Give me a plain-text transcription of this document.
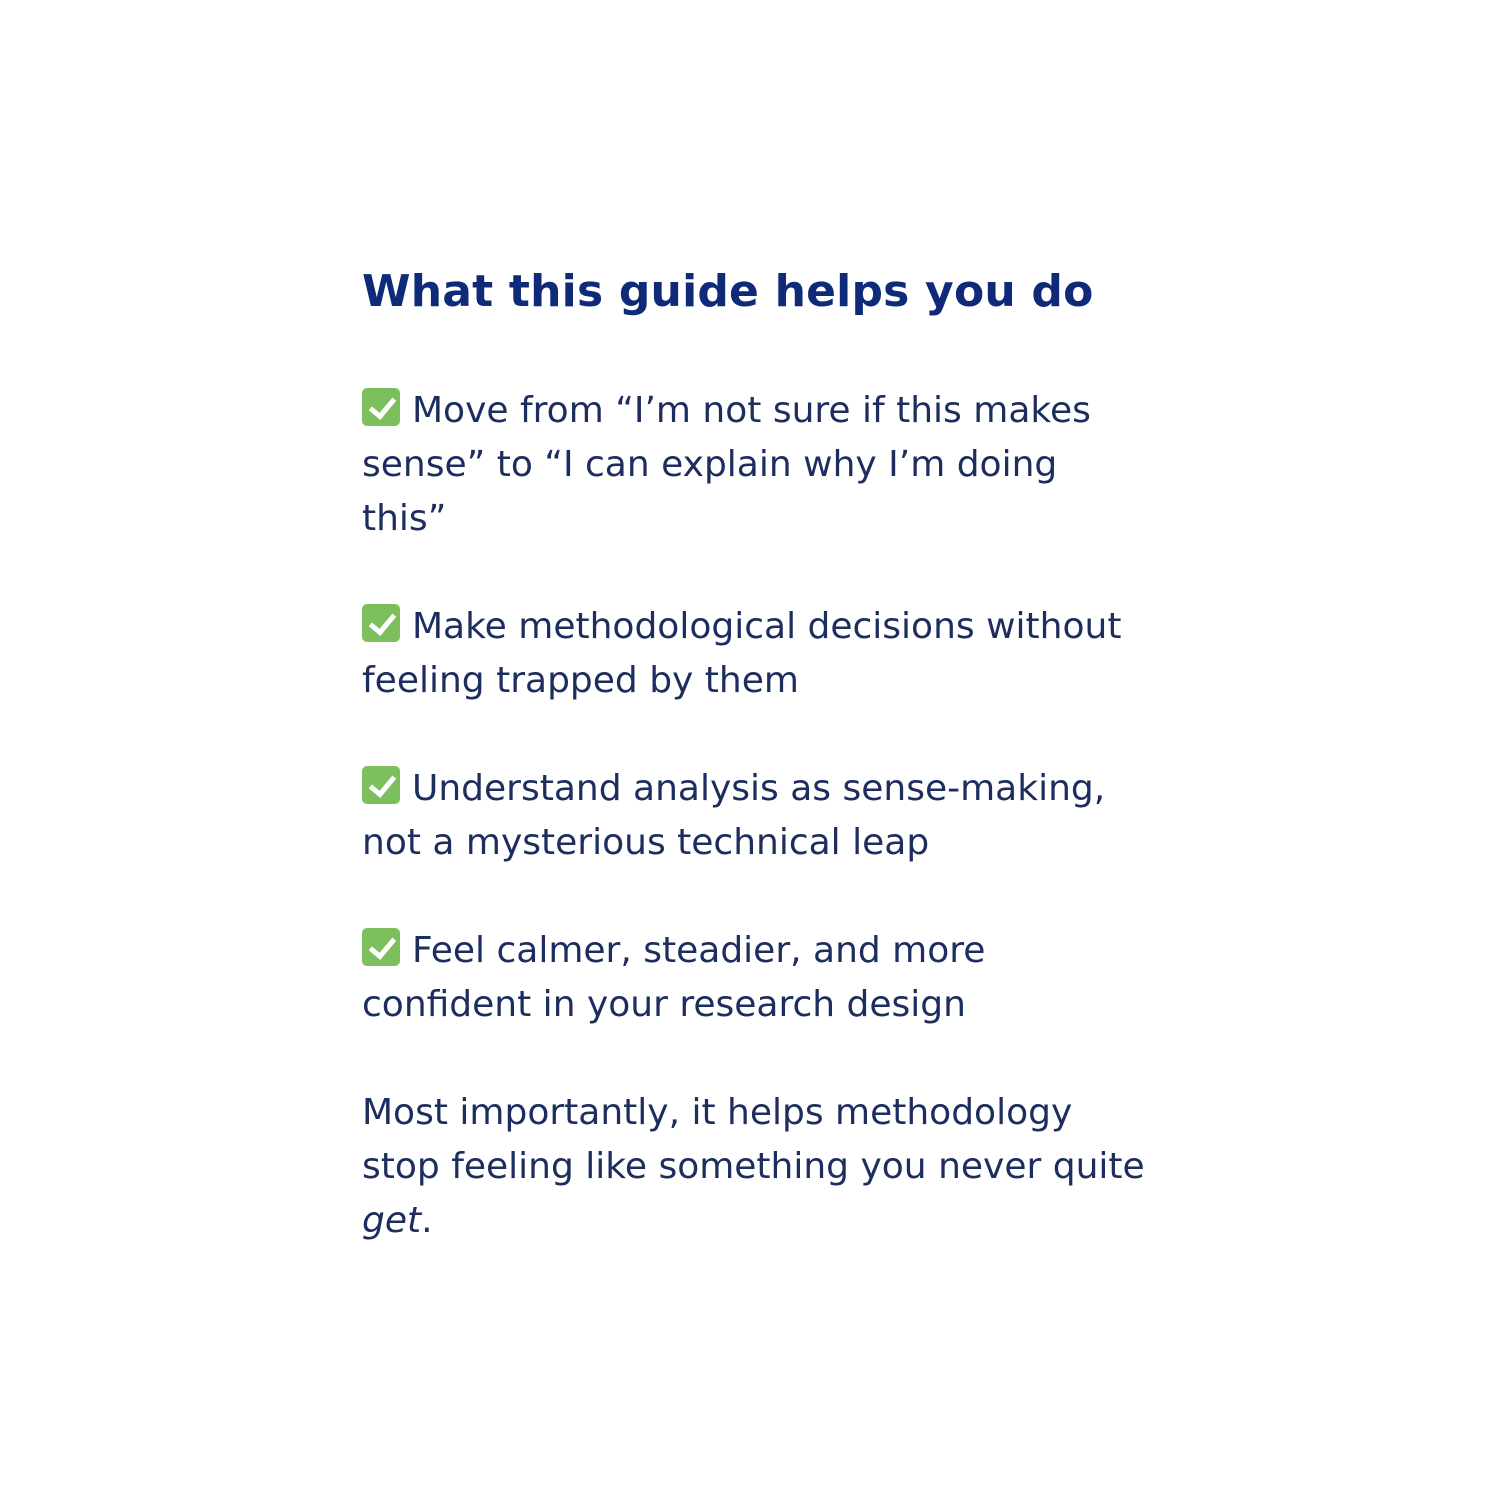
What this guide helps you do
Move from “I’m not sure if this makes sense” to “I can explain why I’m doing this”
Make methodological decisions without feeling trapped by them
Understand analysis as sense-making, not a mysterious technical leap
Feel calmer, steadier, and more confident in your research design

Most importantly, it helps methodology stop feeling like something you never quite get.
